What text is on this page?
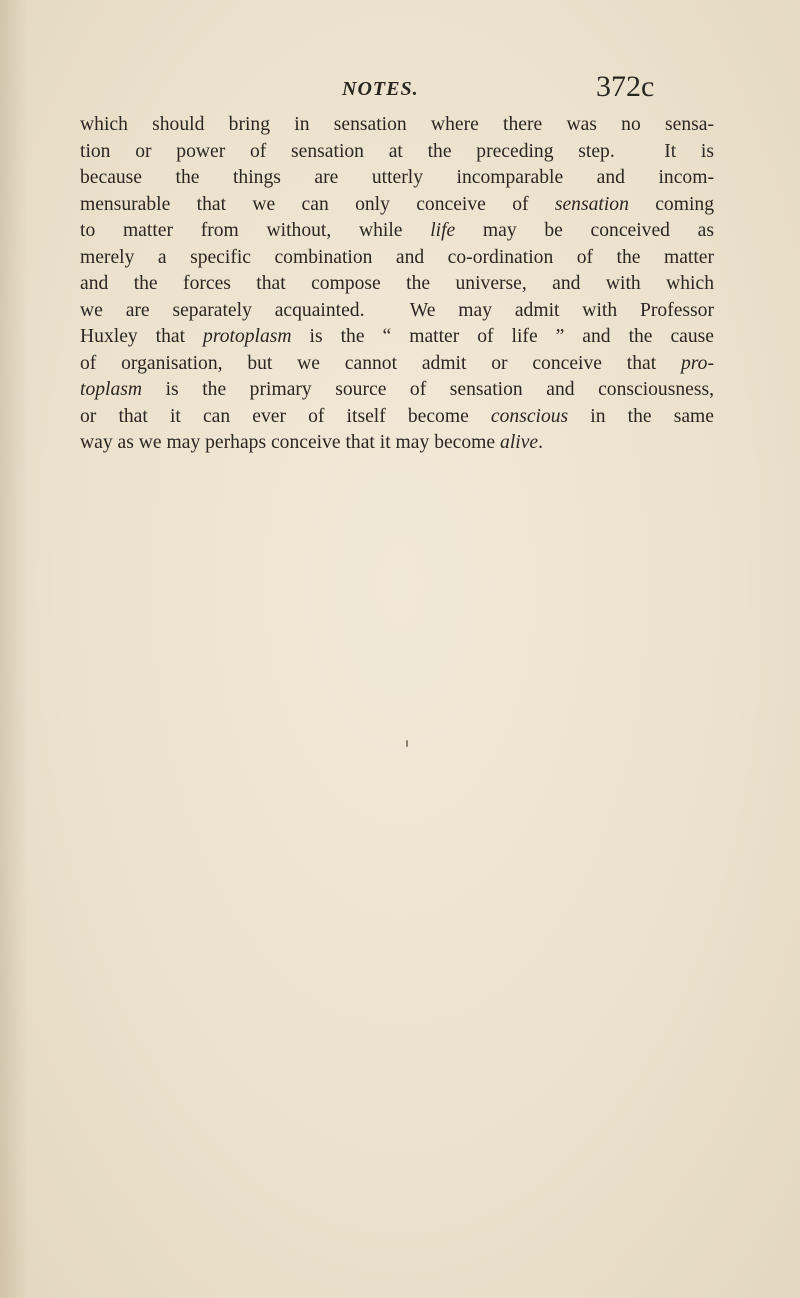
NOTES.	372c
which should bring in sensation where there was no sensa-
tion or power of sensation at the preceding step.  It is
because the things are utterly incomparable and incom-
mensurable that we can only conceive of sensation coming
to matter from without, while life may be conceived as
merely a specific combination and co-ordination of the matter
and the forces that compose the universe, and with which
we are separately acquainted.  We may admit with Professor
Huxley that protoplasm is the “ matter of life ” and the cause
of organisation, but we cannot admit or conceive that pro-
toplasm is the primary source of sensation and consciousness,
or that it can ever of itself become conscious in the same
way as we may perhaps conceive that it may become alive.
